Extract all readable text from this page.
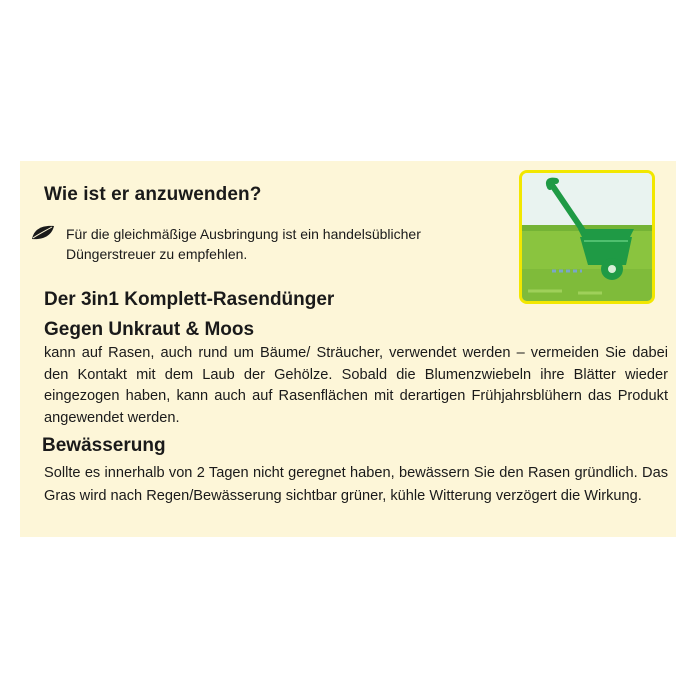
Wie ist er anzuwenden?

Für die gleichmäßige Ausbringung ist ein handelsüblicher Düngerstreuer zu empfehlen.

Der 3in1 Komplett-Rasendünger
Gegen Unkraut & Moos

kann auf Rasen, auch rund um Bäume/ Sträucher, verwendet werden – vermeiden Sie dabei den Kontakt mit dem Laub der Gehölze. Sobald die Blumenzwiebeln ihre Blätter wieder eingezogen haben, kann auch auf Rasenflächen mit derartigen Frühjahrsblühern das Produkt angewendet werden.

Bewässerung

Sollte es innerhalb von 2 Tagen nicht geregnet haben, bewässern Sie den Rasen gründlich. Das Gras wird nach Regen/Bewässerung sichtbar grüner, kühle Witterung verzögert die Wirkung.
